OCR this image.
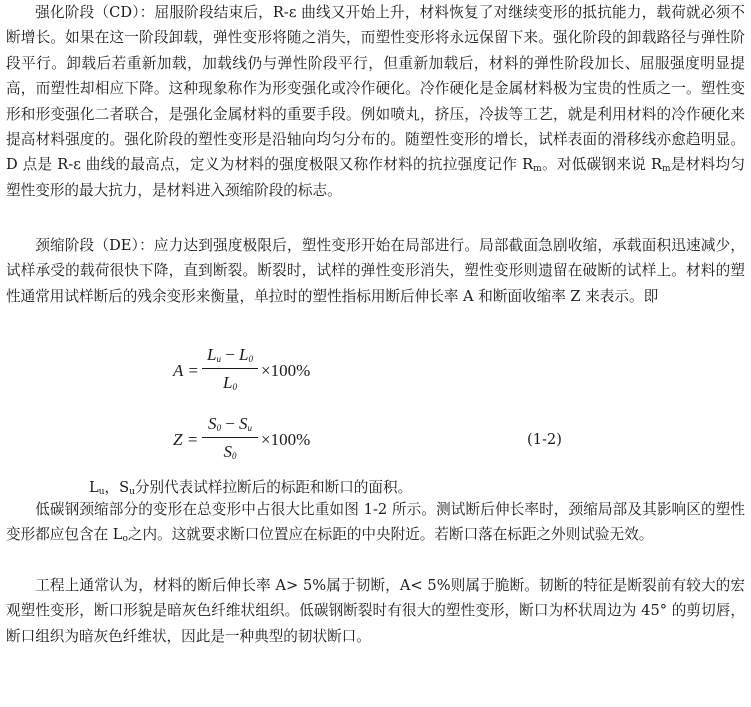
强化阶段（CD）：屈服阶段结束后，R-ε 曲线又开始上升，材料恢复了对继续变形的抵抗能力，载荷就必须不断增长。如果在这一阶段卸载，弹性变形将随之消失，而塑性变形将永远保留下来。强化阶段的卸载路径与弹性阶段平行。卸载后若重新加载，加载线仍与弹性阶段平行，但重新加载后，材料的弹性阶段加长、屈服强度明显提高，而塑性却相应下降。这种现象称作为形变强化或冷作硬化。冷作硬化是金属材料极为宝贵的性质之一。塑性变形和形变强化二者联合，是强化金属材料的重要手段。例如喷丸，挤压，冷拔等工艺，就是利用材料的冷作硬化来提高材料强度的。强化阶段的塑性变形是沿轴向均匀分布的。随塑性变形的增长，试样表面的滑移线亦愈趋明显。D 点是 R-ε 曲线的最高点，定义为材料的强度极限又称作材料的抗拉强度记作 $R_m$。对低碳钢来说 $R_m$是材料均匀塑性变形的最大抗力，是材料进入颈缩阶段的标志。

颈缩阶段（DE）：应力达到强度极限后，塑性变形开始在局部进行。局部截面急剧收缩，承载面积迅速减少，试样承受的载荷很快下降，直到断裂。断裂时，试样的弹性变形消失，塑性变形则遗留在破断的试样上。材料的塑性通常用试样断后的残余变形来衡量，单拉时的塑性指标用断后伸长率 A 和断面收缩率 Z 来表示。即

A =
$L_u - L_0$
$L_0$
×100%
Z =
$S_0 - S_u$
$S_0$
×100%	(1-2)

$L_u$，$S_u$分别代表试样拉断后的标距和断口的面积。

低碳钢颈缩部分的变形在总变形中占很大比重如图 1-2 所示。测试断后伸长率时，颈缩局部及其影响区的塑性变形都应包含在 $L_o$之内。这就要求断口位置应在标距的中央附近。若断口落在标距之外则试验无效。

工程上通常认为，材料的断后伸长率 A> 5%属于韧断，A< 5%则属于脆断。韧断的特征是断裂前有较大的宏观塑性变形，断口形貌是暗灰色纤维状组织。低碳钢断裂时有很大的塑性变形，断口为杯状周边为 45° 的剪切唇，断口组织为暗灰色纤维状，因此是一种典型的韧状断口。
